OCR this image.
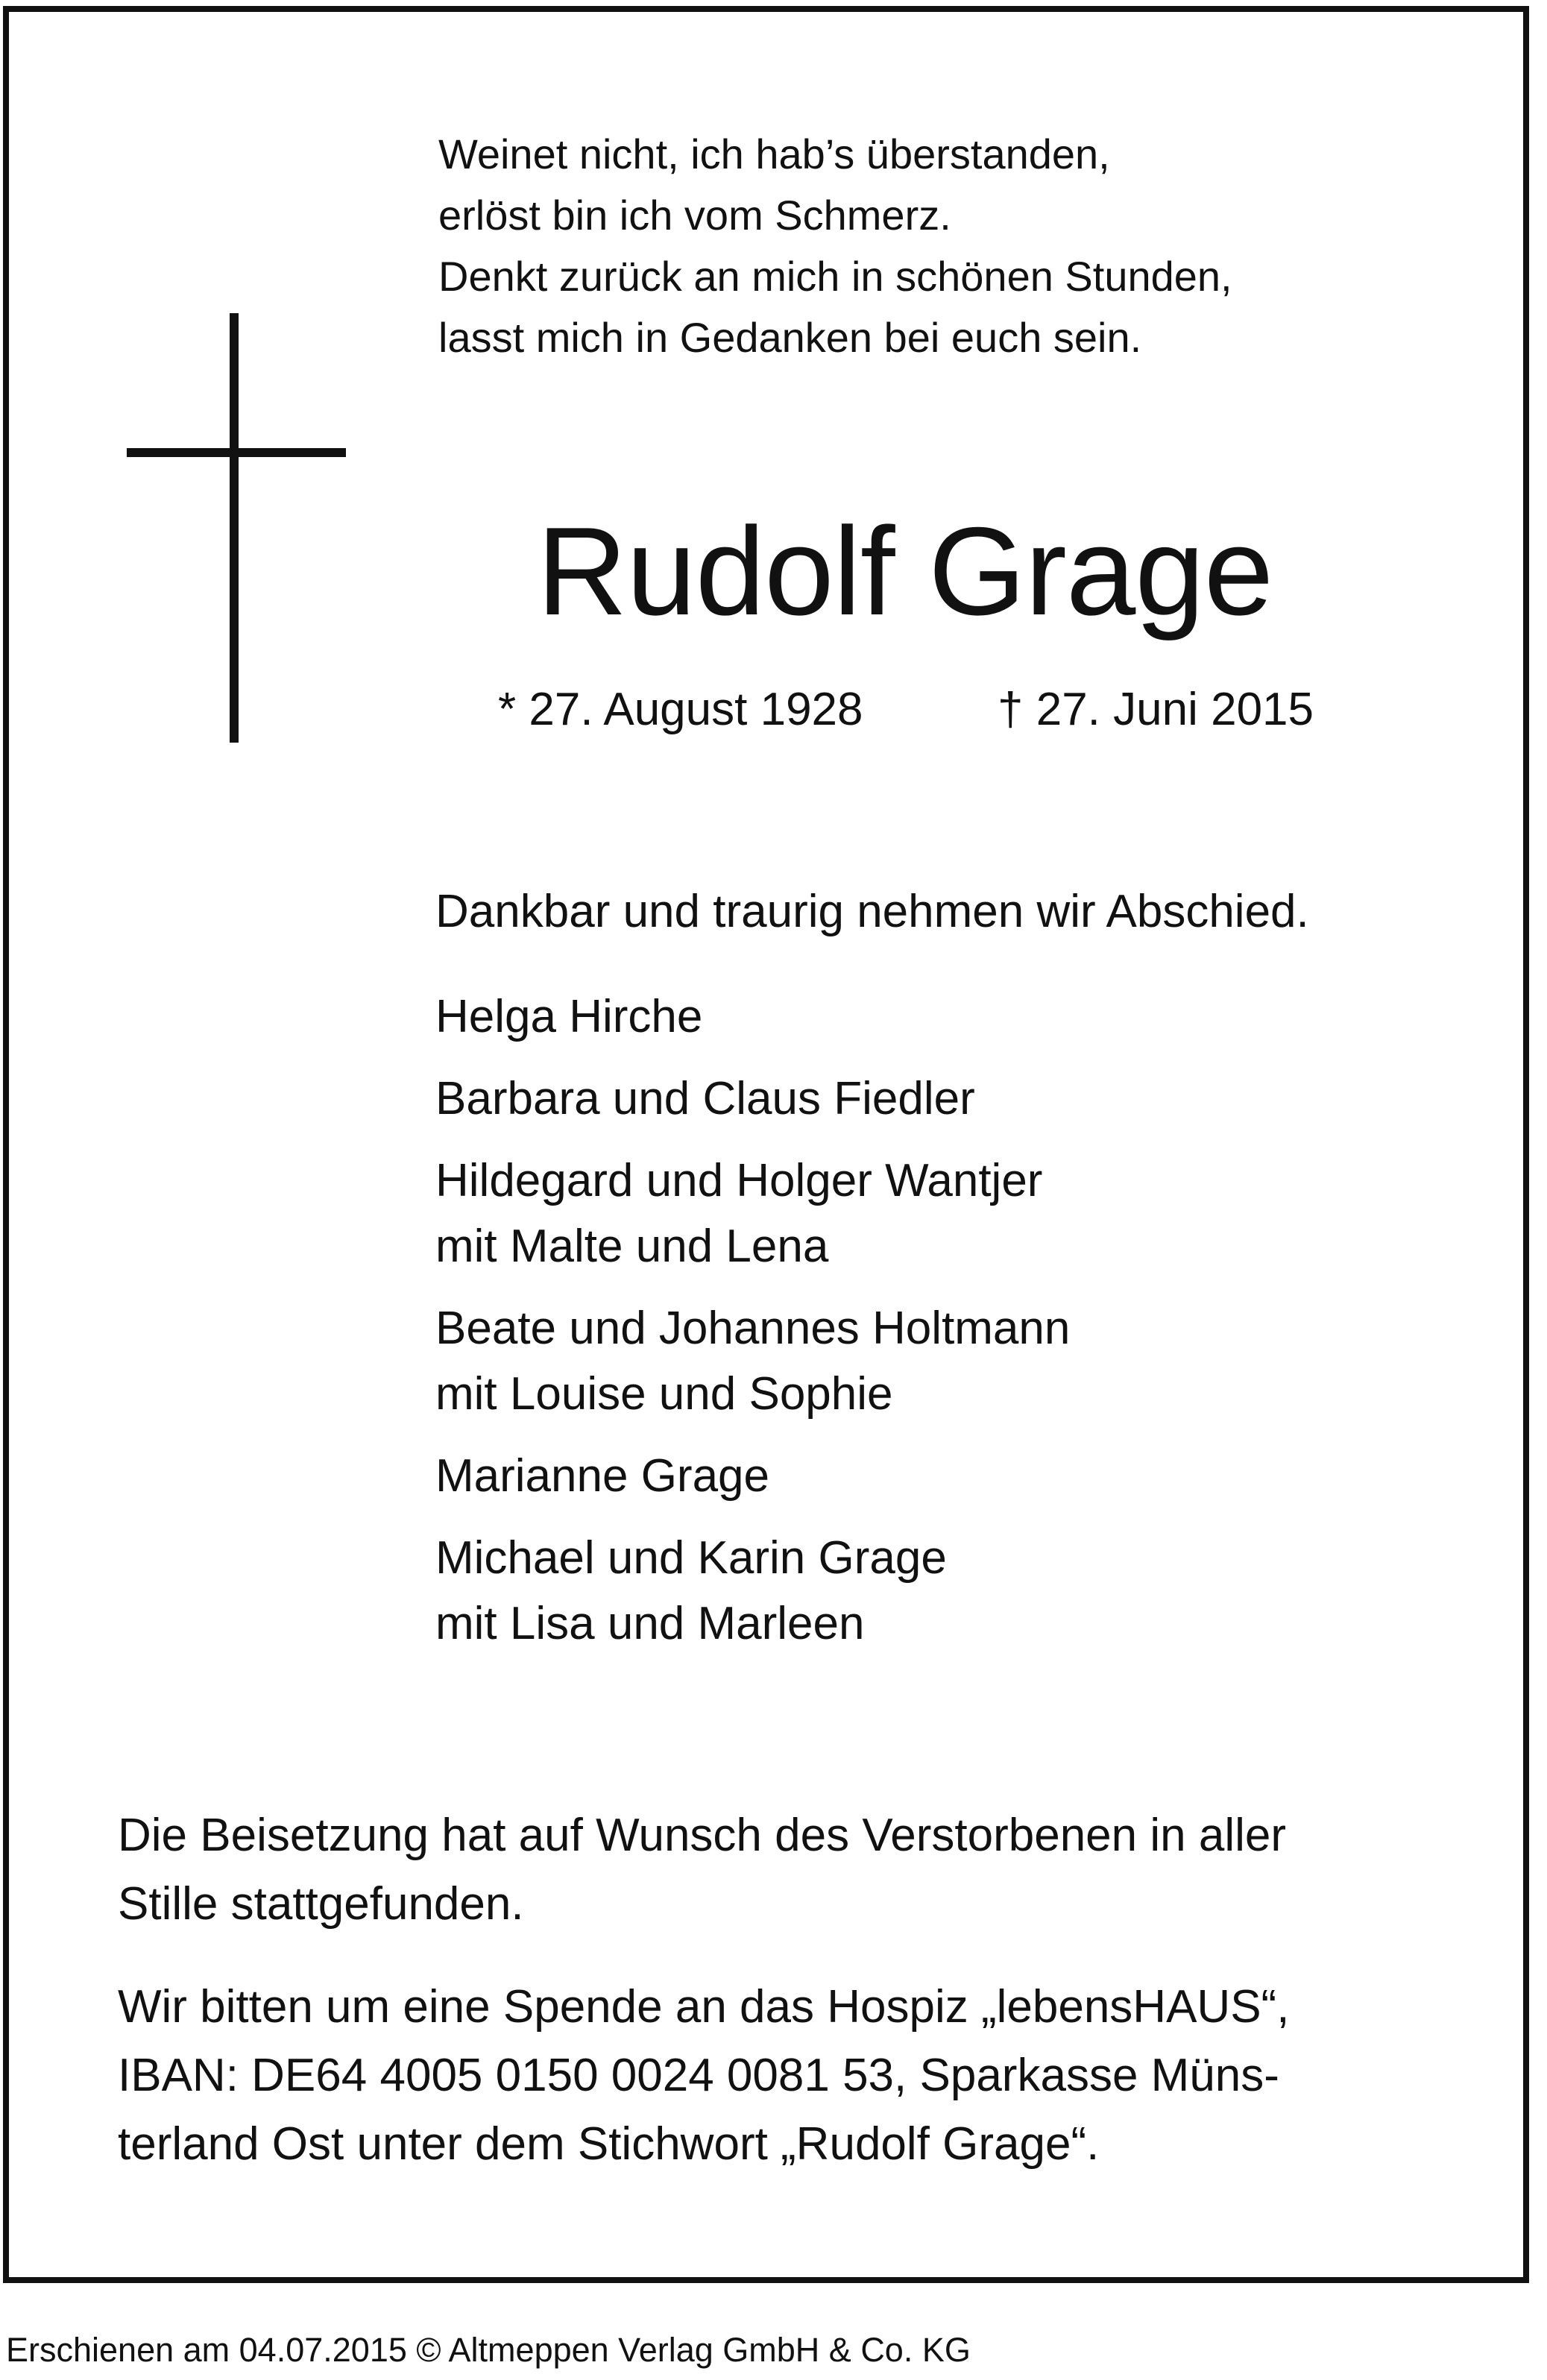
Weinet nicht, ich hab’s überstanden,
erlöst bin ich vom Schmerz.
Denkt zurück an mich in schönen Stunden,
lasst mich in Gedanken bei euch sein.
Rudolf Grage
* 27. August 1928	† 27. Juni 2015
Dankbar und traurig nehmen wir Abschied.
Helga Hirche
Barbara und Claus Fiedler
Hildegard und Holger Wantjer
mit Malte und Lena
Beate und Johannes Holtmann
mit Louise und Sophie
Marianne Grage
Michael und Karin Grage
mit Lisa und Marleen
Die Beisetzung hat auf Wunsch des Verstorbenen in aller
Stille stattgefunden.
Wir bitten um eine Spende an das Hospiz „lebensHAUS“,
IBAN: DE64 4005 0150 0024 0081 53, Sparkasse Müns-
terland Ost unter dem Stichwort „Rudolf Grage“.
Erschienen am 04.07.2015 © Altmeppen Verlag GmbH & Co. KG
